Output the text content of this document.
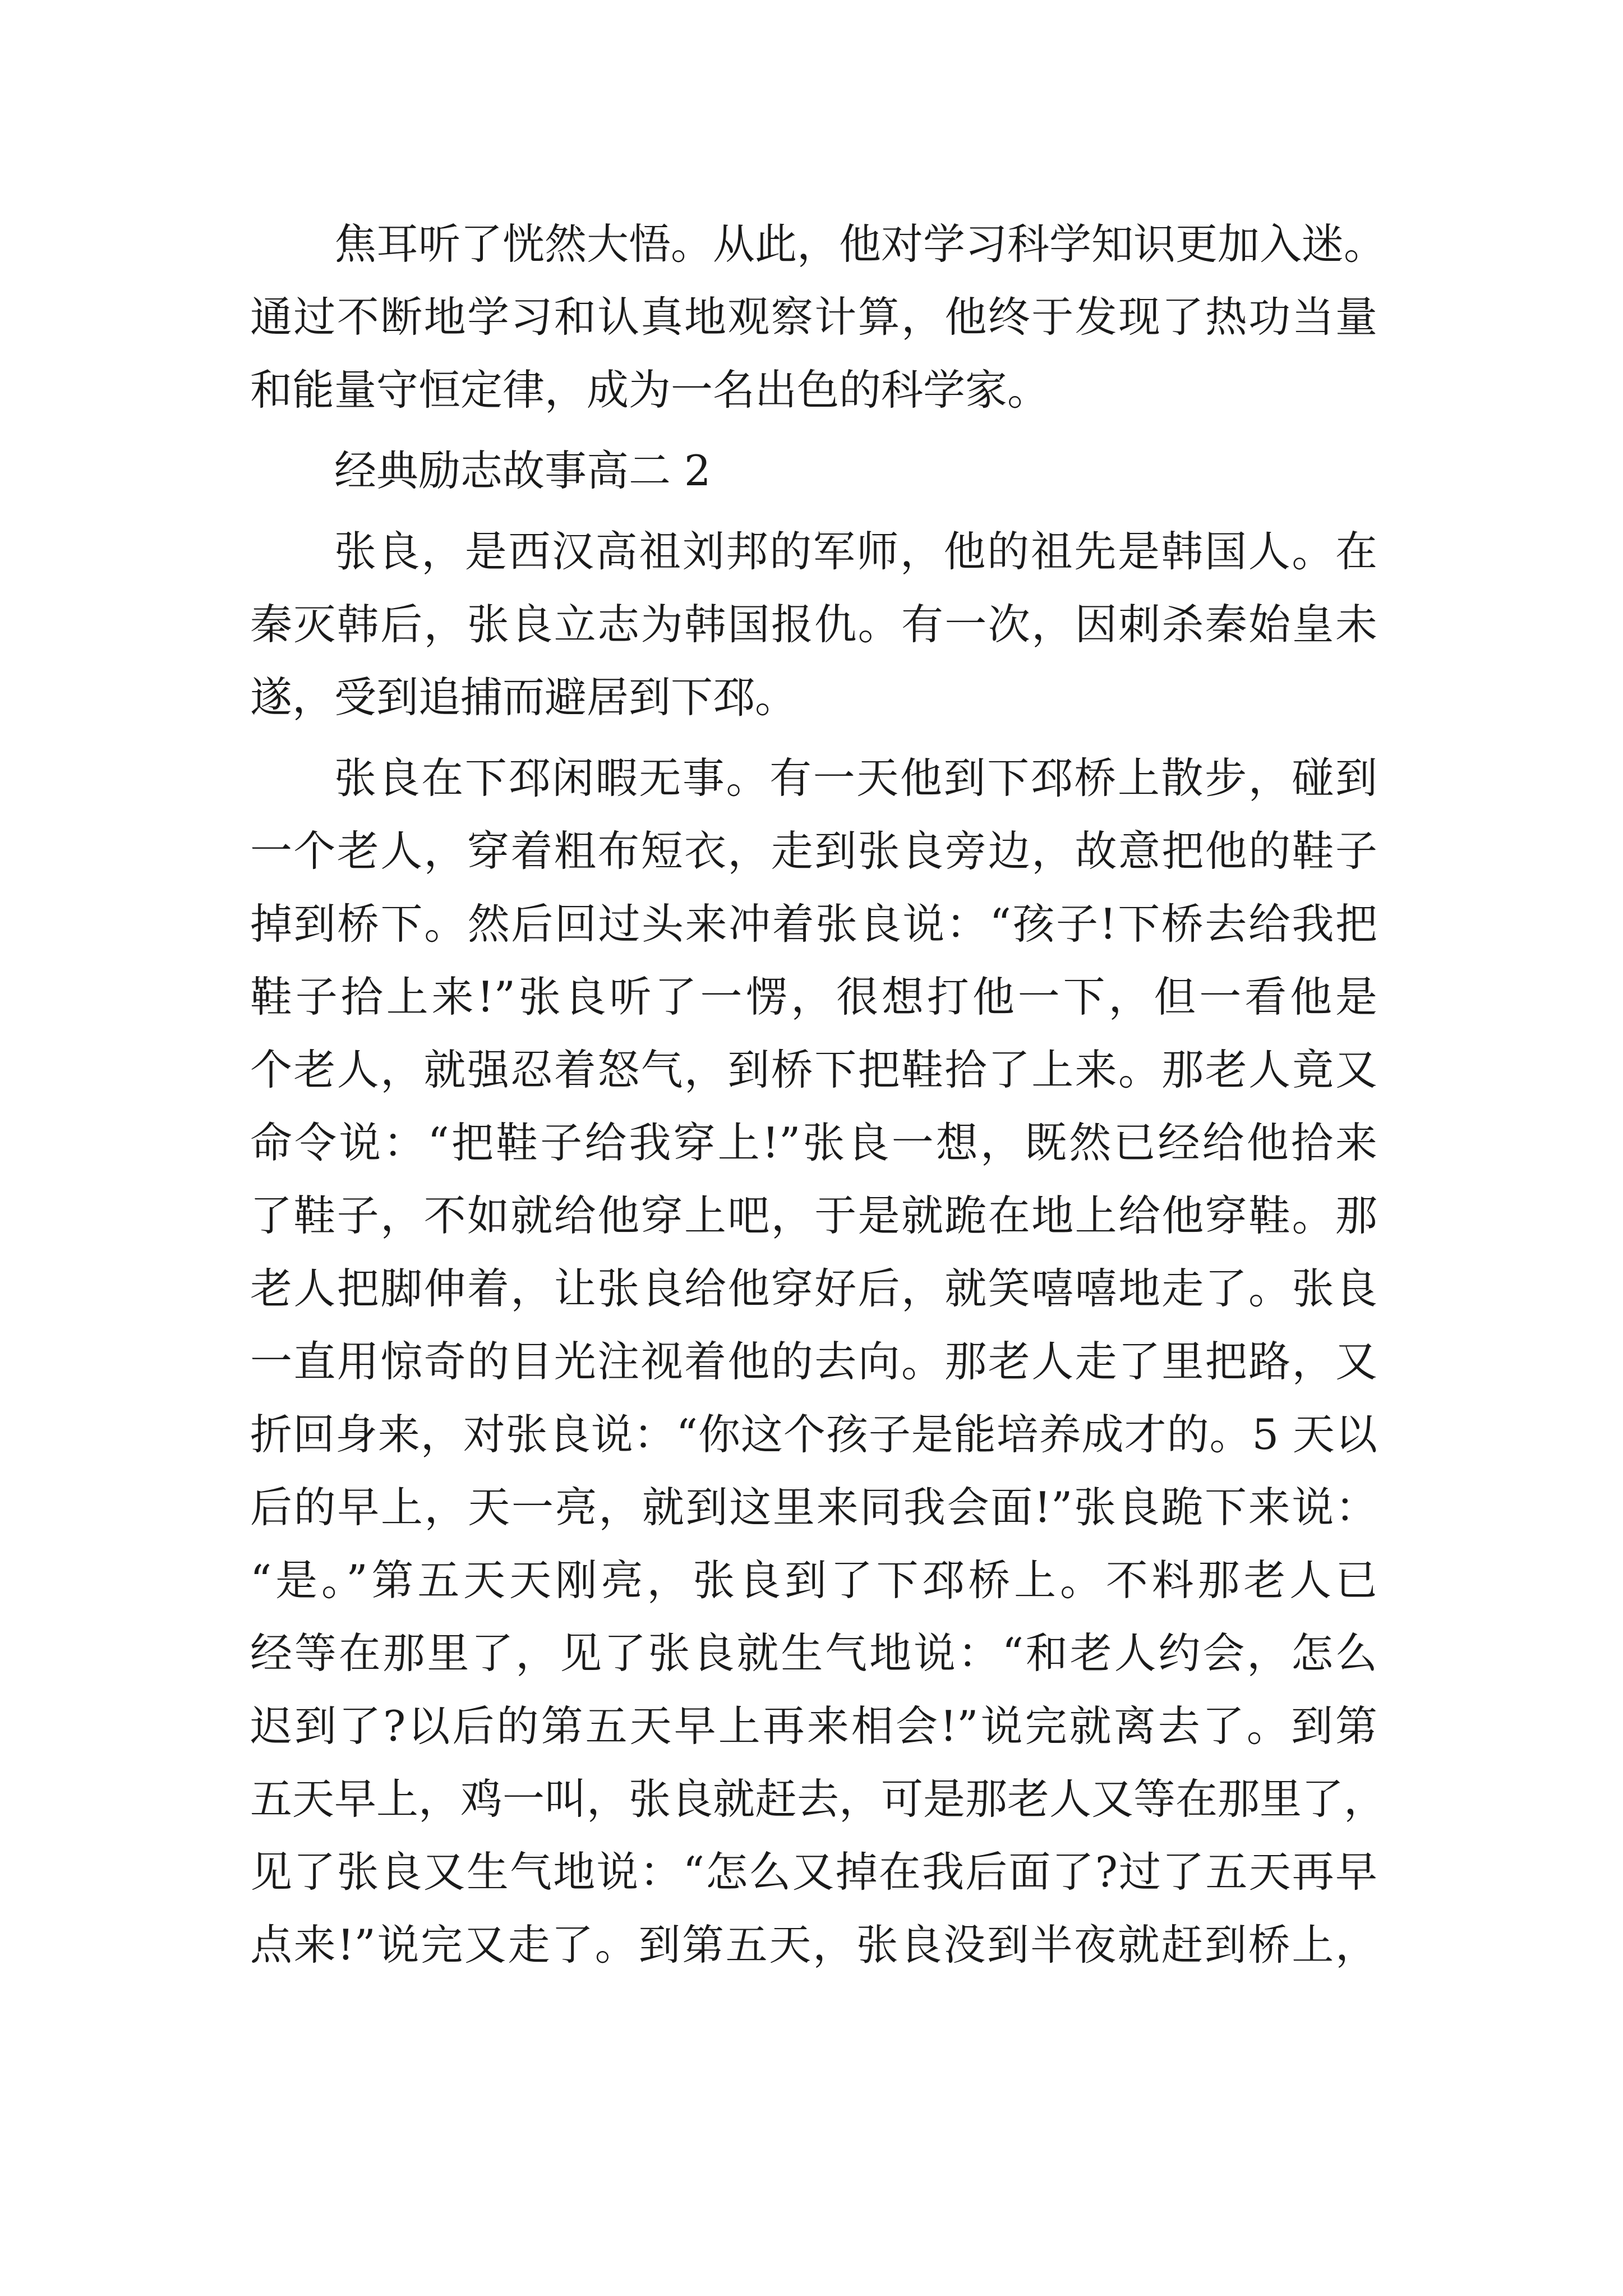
焦耳听了恍然大悟。从此，他对学习科学知识更加入迷。
通过不断地学习和认真地观察计算，他终于发现了热功当量
和能量守恒定律，成为一名出色的科学家。
经典励志故事高二 2
张良，是西汉高祖刘邦的军师，他的祖先是韩国人。在
秦灭韩后，张良立志为韩国报仇。有一次，因刺杀秦始皇未
遂，受到追捕而避居到下邳。
张良在下邳闲暇无事。有一天他到下邳桥上散步，碰到
一个老人，穿着粗布短衣，走到张良旁边，故意把他的鞋子
掉到桥下。然后回过头来冲着张良说：“孩子!下桥去给我把
鞋子拾上来!”张良听了一愣，很想打他一下，但一看他是
个老人，就强忍着怒气，到桥下把鞋拾了上来。那老人竟又
命令说：“把鞋子给我穿上!”张良一想，既然已经给他拾来
了鞋子，不如就给他穿上吧，于是就跪在地上给他穿鞋。那
老人把脚伸着，让张良给他穿好后，就笑嘻嘻地走了。张良
一直用惊奇的目光注视着他的去向。那老人走了里把路，又
折回身来，对张良说：“你这个孩子是能培养成才的。5 天以
后的早上，天一亮，就到这里来同我会面!”张良跪下来说：
“是。”第五天天刚亮，张良到了下邳桥上。不料那老人已
经等在那里了，见了张良就生气地说：“和老人约会，怎么
迟到了?以后的第五天早上再来相会!”说完就离去了。到第
五天早上，鸡一叫，张良就赶去，可是那老人又等在那里了，
见了张良又生气地说：“怎么又掉在我后面了?过了五天再早
点来!”说完又走了。到第五天，张良没到半夜就赶到桥上，
